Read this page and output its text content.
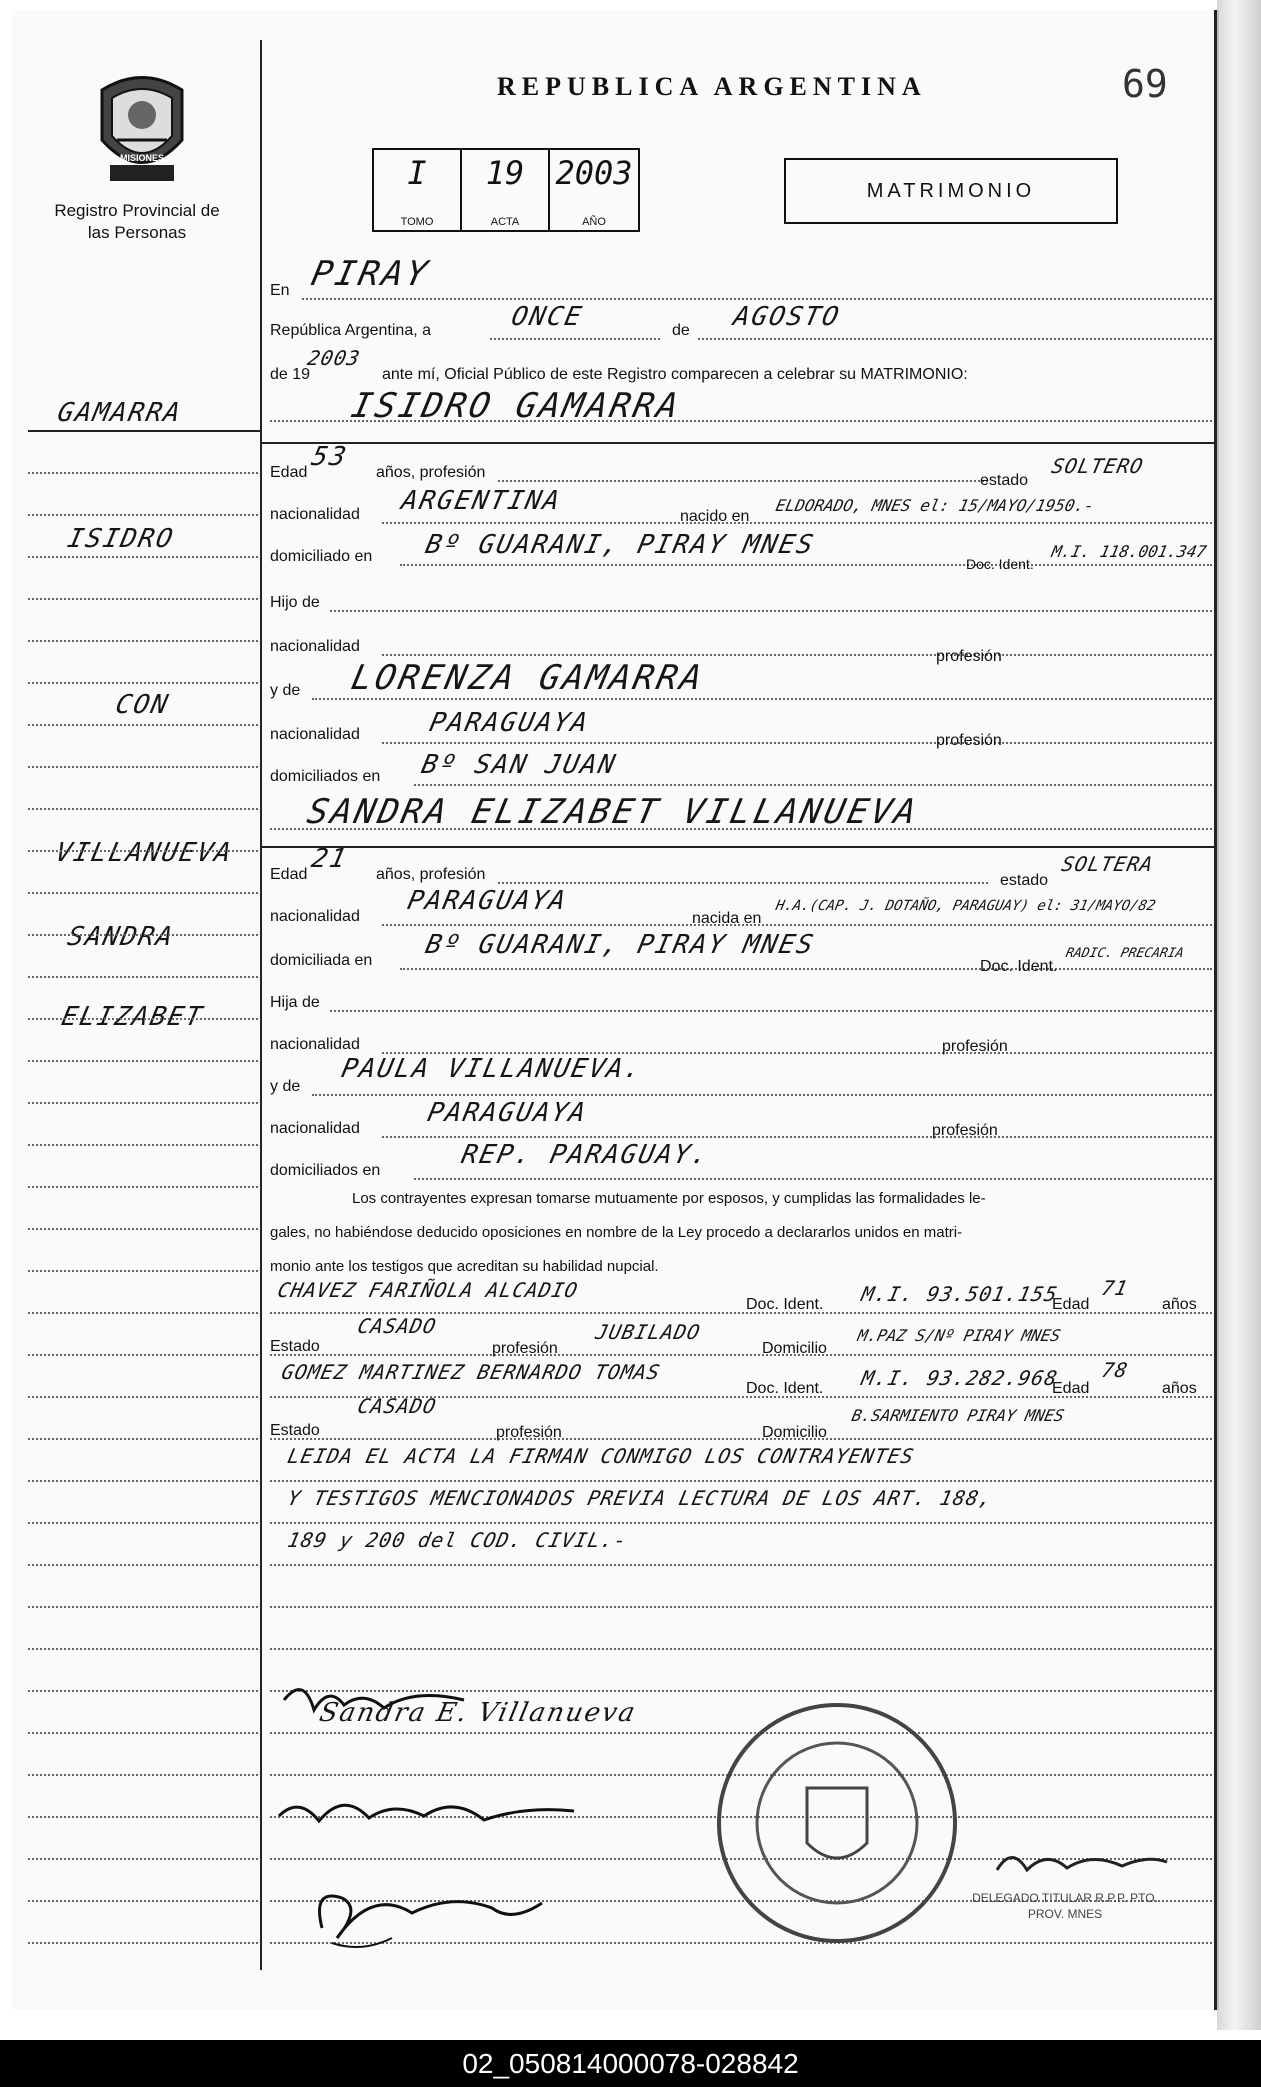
MISIONES
Registro Provincial de las Personas
REPUBLICA ARGENTINA	69
I
TOMO
19
ACTA
2003
AÑO
MATRIMONIO
GAMARRA
ISIDRO
CON
VILLANUEVA
SANDRA
ELIZABET
En PIRAY
República Argentina, a	ONCE	de AGOSTO
de 19
2003
ante mí, Oficial Público de este Registro comparecen a celebrar su MATRIMONIO:
ISIDRO GAMARRA
Edad
53
años, profesión	estado
SOLTERO
nacionalidad ARGENTINA
nacido en
ELDORADO, MNES el: 15/MAYO/1950.-
domiciliado en Bº GUARANI, PIRAY MNES
Doc. Ident.
M.I. 118.001.347
Hijo de
nacionalidad
profesión
y de LORENZA GAMARRA
nacionalidad	PARAGUAYA
profesión
domiciliados en Bº SAN JUAN
SANDRA ELIZABET VILLANUEVA
Edad
21
años, profesión	estado
SOLTERA
nacionalidad
PARAGUAYA
nacida en
H.A.(CAP. J. DOTAÑO, PARAGUAY) el: 31/MAYO/82
domiciliada en
Bº GUARANI, PIRAY MNES
Doc. Ident.
RADIC. PRECARIA
Hija de
nacionalidad	profesión
y de
PAULA VILLANUEVA.
nacionalidad
PARAGUAYA
profesión
domiciliados en
REP. PARAGUAY.
Los contrayentes expresan tomarse mutuamente por esposos, y cumplidas las formalidades le-
gales, no habiéndose deducido oposiciones en nombre de la Ley procedo a declararlos unidos en matri-
monio ante los testigos que acreditan su habilidad nupcial.
CHAVEZ FARIÑOLA ALCADIO
Doc. Ident. M.I. 93.501.155
Edad
71
años
Estado
CASADO
profesión
JUBILADO
Domicilio
M.PAZ S/Nº PIRAY MNES
GOMEZ MARTINEZ BERNARDO TOMAS
Doc. Ident. M.I. 93.282.968
Edad
78
años
Estado
CASADO
profesión	Domicilio
B.SARMIENTO PIRAY MNES
LEIDA EL ACTA LA FIRMAN CONMIGO LOS CONTRAYENTES
Y TESTIGOS MENCIONADOS PREVIA LECTURA DE LOS ART. 188,
189 y 200 del COD. CIVIL.-
Sandra E. Villanueva
DELEGADO TITULAR R.P.P. PTO. PROV. MNES
02_050814000078-028842
